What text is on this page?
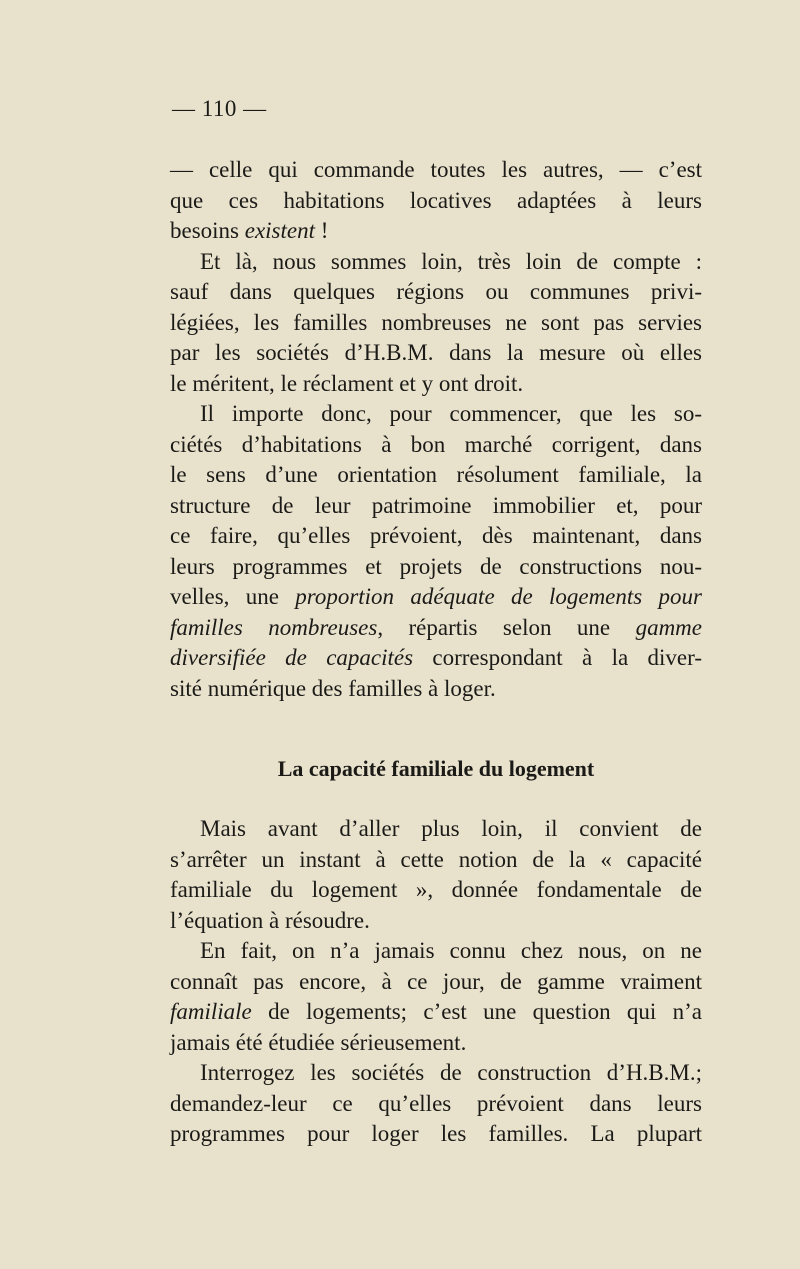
— 110 —
— celle qui commande toutes les autres, — c’est
que ces habitations locatives adaptées à leurs
besoins existent !
Et là, nous sommes loin, très loin de compte :
sauf dans quelques régions ou communes privi-
légiées, les familles nombreuses ne sont pas servies
par les sociétés d’H.B.M. dans la mesure où elles
le méritent, le réclament et y ont droit.
Il importe donc, pour commencer, que les so-
ciétés d’habitations à bon marché corrigent, dans
le sens d’une orientation résolument familiale, la
structure de leur patrimoine immobilier et, pour
ce faire, qu’elles prévoient, dès maintenant, dans
leurs programmes et projets de constructions nou-
velles, une proportion adéquate de logements pour
familles nombreuses, répartis selon une gamme
diversifiée de capacités correspondant à la diver-
sité numérique des familles à loger.
La capacité familiale du logement
Mais avant d’aller plus loin, il convient de
s’arrêter un instant à cette notion de la « capacité
familiale du logement », donnée fondamentale de
l’équation à résoudre.
En fait, on n’a jamais connu chez nous, on ne
connaît pas encore, à ce jour, de gamme vraiment
familiale de logements; c’est une question qui n’a
jamais été étudiée sérieusement.
Interrogez les sociétés de construction d’H.B.M.;
demandez-leur ce qu’elles prévoient dans leurs
programmes pour loger les familles. La plupart
